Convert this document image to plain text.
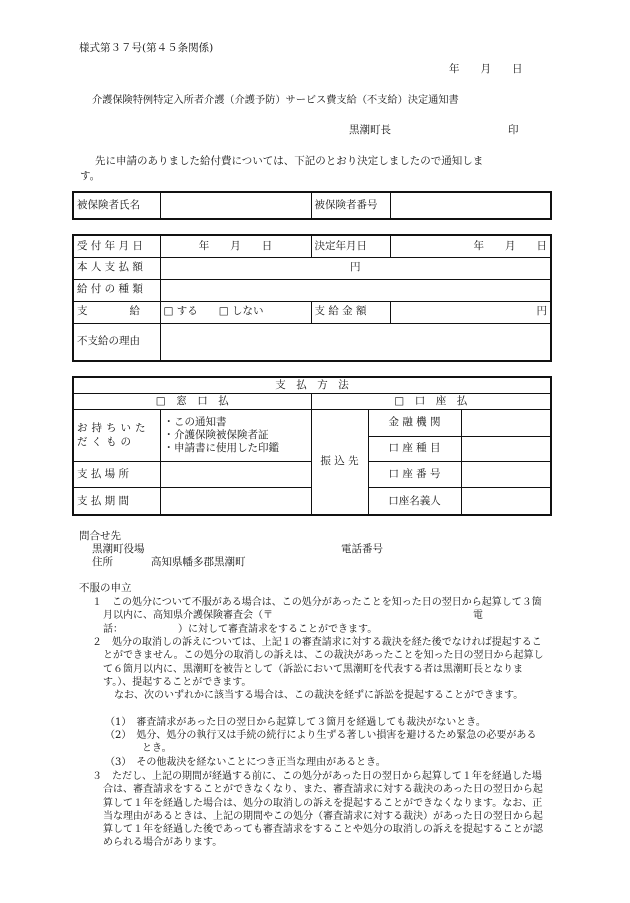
様式第３７号(第４５条関係)
年　　月　　日
介護保険特例特定入所者介護（介護予防）サービス費支給（不支給）決定通知書
黒潮町長	印
先に申請のありました給付費については、下記のとおり決定しましたので通知しま
す。
被保険者氏名		被保険者番号	
受 付 年 月 日	年　　月　　日	決定年月日	年　　月　　日
本 人 支 払 額	円		
給 付 の 種 類			
支　　　　給	□ する　　□ しない	支 給 金 額	円
不支給の理由			
支　払　方　法				
□　窓　口　払		□　口　座　払		
お持ちいただくもの	・この通知書
・介護保険被保険者証
・申請書に使用した印鑑	振 込 先	金 融 機 関	
			口 座 種 目	
支 払 場 所			口 座 番 号	
支 払 期 間			口座名義人	
問合せ先
黒潮町役場	電話番号
住所	高知県幡多郡黒潮町
不服の申立
１　この処分について不服がある場合は、この処分があったことを知った日の翌日から起算して３箇月以内に、高知県介護保険審査会（〒　　　　　　　　　　　　　　　　　　　　電話：　　　　　　）に対して審査請求をすることができます。
２　処分の取消しの訴えについては、上記１の審査請求に対する裁決を経た後でなければ提起することができません。この処分の取消しの訴えは、この裁決があったことを知った日の翌日から起算して６箇月以内に、黒潮町を被告として（訴訟において黒潮町を代表する者は黒潮町長となります。）、提起することができます。
なお、次のいずれかに該当する場合は、この裁決を経ずに訴訟を提起することができます。
（1）　審査請求があった日の翌日から起算して３箇月を経過しても裁決がないとき。
（2）　処分、処分の執行又は手続の続行により生ずる著しい損害を避けるため緊急の必要があるとき。
（3）　その他裁決を経ないことにつき正当な理由があるとき。
３　ただし、上記の期間が経過する前に、この処分があった日の翌日から起算して１年を経過した場合は、審査請求をすることができなくなり、また、審査請求に対する裁決のあった日の翌日から起算して１年を経過した場合は、処分の取消しの訴えを提起することができなくなります。なお、正当な理由があるときは、上記の期間やこの処分（審査請求に対する裁決）があった日の翌日から起算して１年を経過した後であっても審査請求をすることや処分の取消しの訴えを提起することが認められる場合があります。
